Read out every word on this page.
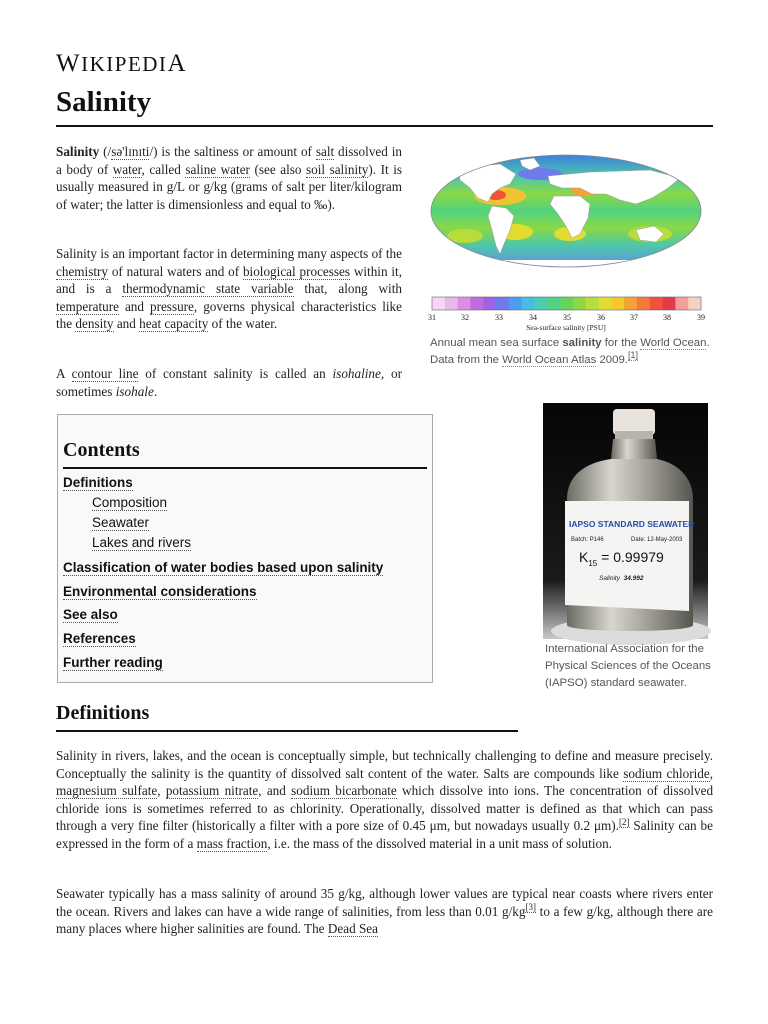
WIKIPEDIA
Salinity
Salinity (/sə'lɪnɪti/) is the saltiness or amount of salt dissolved in a body of water, called saline water (see also soil salinity). It is usually measured in g/L or g/kg (grams of salt per liter/kilogram of water; the latter is dimensionless and equal to ‰).
Salinity is an important factor in determining many aspects of the chemistry of natural waters and of biological processes within it, and is a thermodynamic state variable that, along with temperature and pressure, governs physical characteristics like the density and heat capacity of the water.
A contour line of constant salinity is called an isohaline, or sometimes isohale.
31	32	33	34	35	36	37	38	39
Sea-surface salinity [PSU]
Annual mean sea surface salinity for the World Ocean. Data from the World Ocean Atlas 2009.[1]
Contents
Definitions
Composition
Seawater
Lakes and rivers
Classification of water bodies based upon salinity
Environmental considerations
See also
References
Further reading
IAPSO STANDARD SEAWATER
Batch: P146	Date: 12-May-2003
$K_{15} = 0.99979$
Salinity 34.992
International Association for the Physical Sciences of the Oceans (IAPSO) standard seawater.
Definitions
Salinity in rivers, lakes, and the ocean is conceptually simple, but technically challenging to define and measure precisely. Conceptually the salinity is the quantity of dissolved salt content of the water. Salts are compounds like sodium chloride, magnesium sulfate, potassium nitrate, and sodium bicarbonate which dissolve into ions. The concentration of dissolved chloride ions is sometimes referred to as chlorinity. Operationally, dissolved matter is defined as that which can pass through a very fine filter (historically a filter with a pore size of 0.45 μm, but nowadays usually 0.2 μm).[2] Salinity can be expressed in the form of a mass fraction, i.e. the mass of the dissolved material in a unit mass of solution.
Seawater typically has a mass salinity of around 35 g/kg, although lower values are typical near coasts where rivers enter the ocean. Rivers and lakes can have a wide range of salinities, from less than 0.01 g/kg[3] to a few g/kg, although there are many places where higher salinities are found. The Dead Sea
